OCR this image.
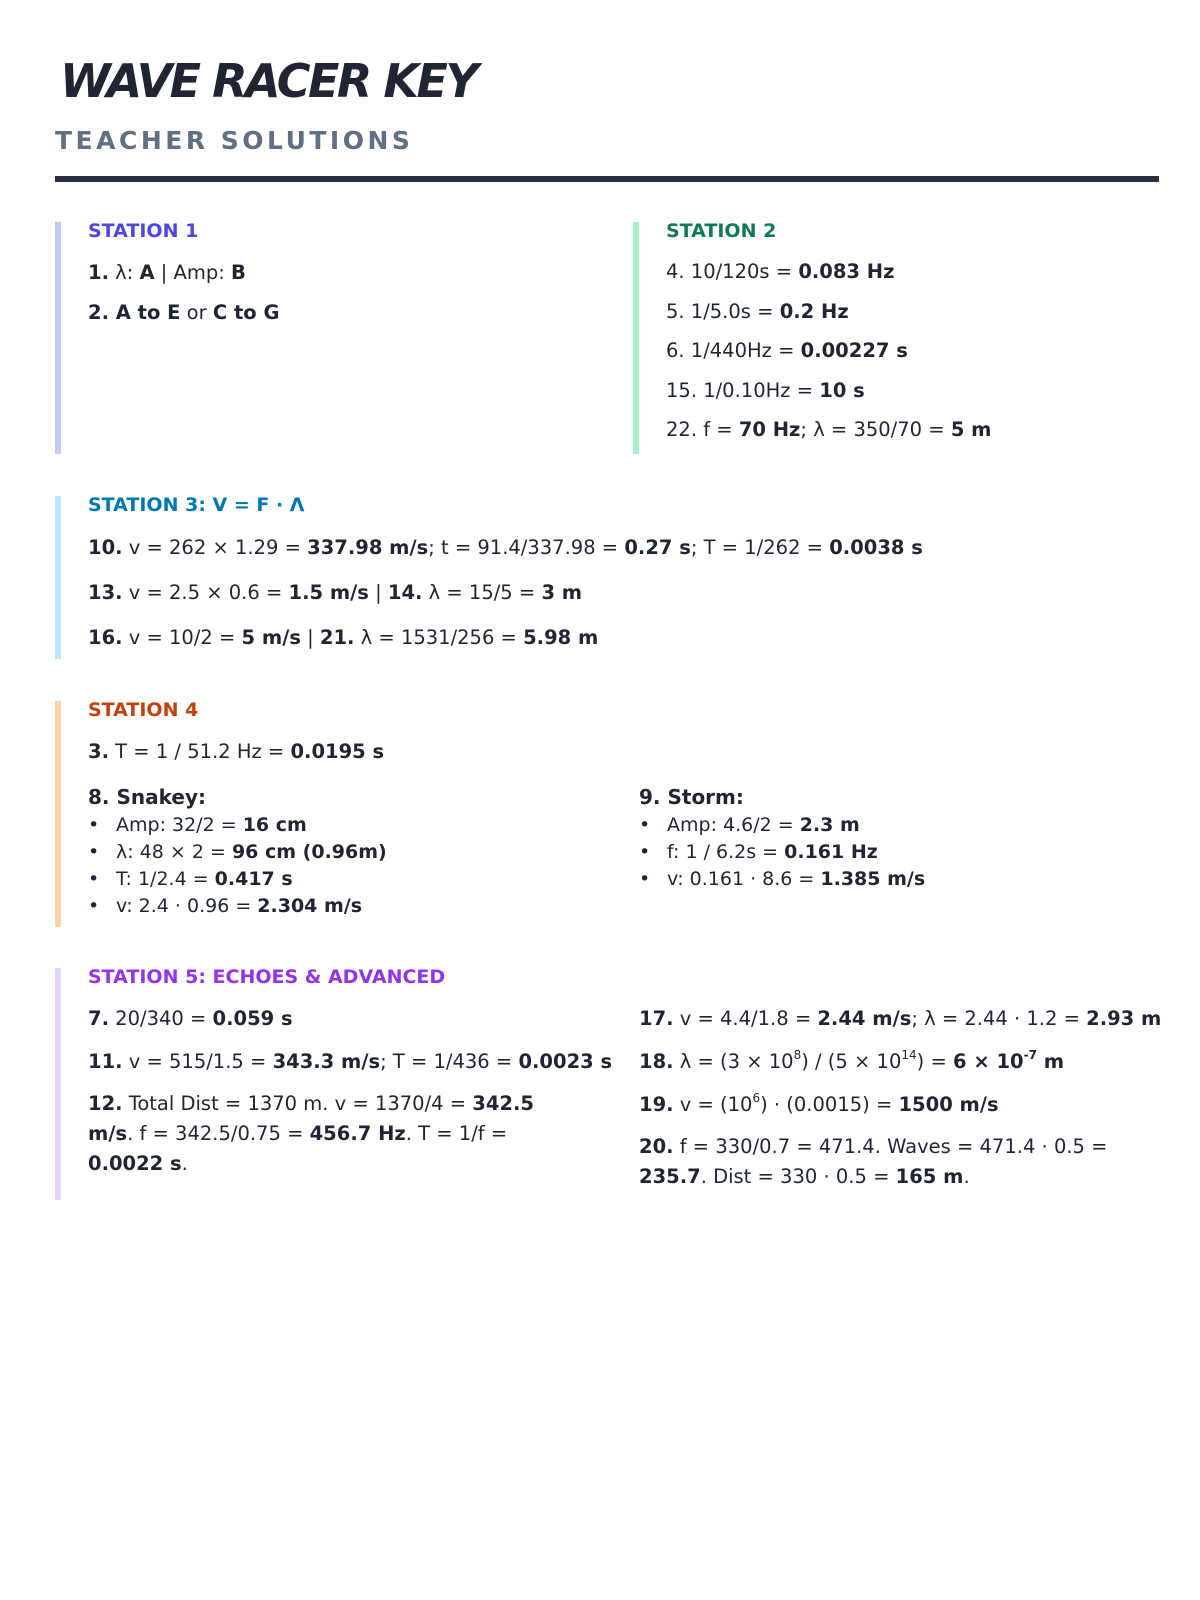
WAVE RACER KEY
TEACHER SOLUTIONS
STATION 1
1. λ: A | Amp: B
2. A to E or C to G
STATION 2
4. 10/120s = 0.083 Hz
5. 1/5.0s = 0.2 Hz
6. 1/440Hz = 0.00227 s
15. 1/0.10Hz = 10 s
22. f = 70 Hz; λ = 350/70 = 5 m
STATION 3: V = F · Λ
10. v = 262 × 1.29 = 337.98 m/s; t = 91.4/337.98 = 0.27 s; T = 1/262 = 0.0038 s
13. v = 2.5 × 0.6 = 1.5 m/s | 14. λ = 15/5 = 3 m
16. v = 10/2 = 5 m/s | 21. λ = 1531/256 = 5.98 m
STATION 4
3. T = 1 / 51.2 Hz = 0.0195 s
8. Snakey:
• Amp: 32/2 = 16 cm
• λ: 48 × 2 = 96 cm (0.96m)
• T: 1/2.4 = 0.417 s
• v: 2.4 · 0.96 = 2.304 m/s
9. Storm:
• Amp: 4.6/2 = 2.3 m
• f: 1 / 6.2s = 0.161 Hz
• v: 0.161 · 8.6 = 1.385 m/s
STATION 5: ECHOES & ADVANCED
7. 20/340 = 0.059 s
11. v = 515/1.5 = 343.3 m/s; T = 1/436 = 0.0023 s
12. Total Dist = 1370 m. v = 1370/4 = 342.5 m/s. f = 342.5/0.75 = 456.7 Hz. T = 1/f = 0.0022 s.
17. v = 4.4/1.8 = 2.44 m/s; λ = 2.44 · 1.2 = 2.93 m
18. $\lambda = (3 \times 10^8) / (5 \times 10^{14}) = 6 \times 10^{-7}$ m
19. $v = (10^6) \cdot (0.0015) = 1500$ m/s
20. f = 330/0.7 = 471.4. Waves = 471.4 · 0.5 = 235.7. Dist = 330 · 0.5 = 165 m.
